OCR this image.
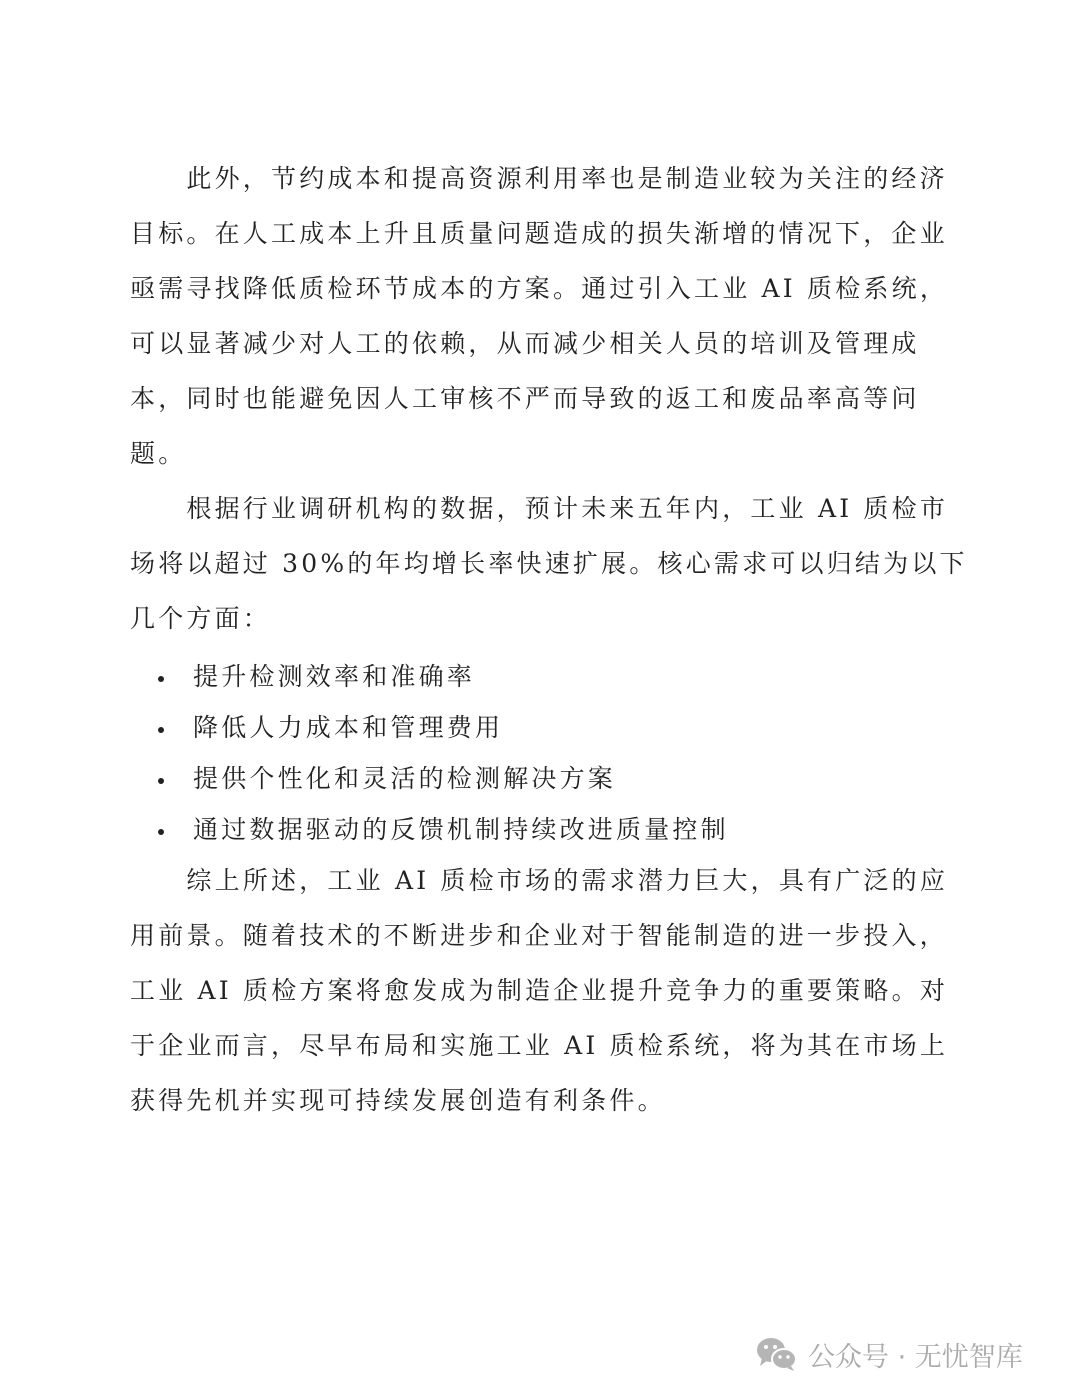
　　此外，节约成本和提高资源利用率也是制造业较为关注的经济
目标。在人工成本上升且质量问题造成的损失渐增的情况下，企业
亟需寻找降低质检环节成本的方案。通过引入工业 AI 质检系统，
可以显著减少对人工的依赖，从而减少相关人员的培训及管理成
本，同时也能避免因人工审核不严而导致的返工和废品率高等问
题。
　　根据行业调研机构的数据，预计未来五年内，工业 AI 质检市
场将以超过 30%的年均增长率快速扩展。核心需求可以归结为以下
几个方面：
提升检测效率和准确率
降低人力成本和管理费用
提供个性化和灵活的检测解决方案
通过数据驱动的反馈机制持续改进质量控制
　　综上所述，工业 AI 质检市场的需求潜力巨大，具有广泛的应
用前景。随着技术的不断进步和企业对于智能制造的进一步投入，
工业 AI 质检方案将愈发成为制造企业提升竞争力的重要策略。对
于企业而言，尽早布局和实施工业 AI 质检系统，将为其在市场上
获得先机并实现可持续发展创造有利条件。
公众号 · 无忧智库
